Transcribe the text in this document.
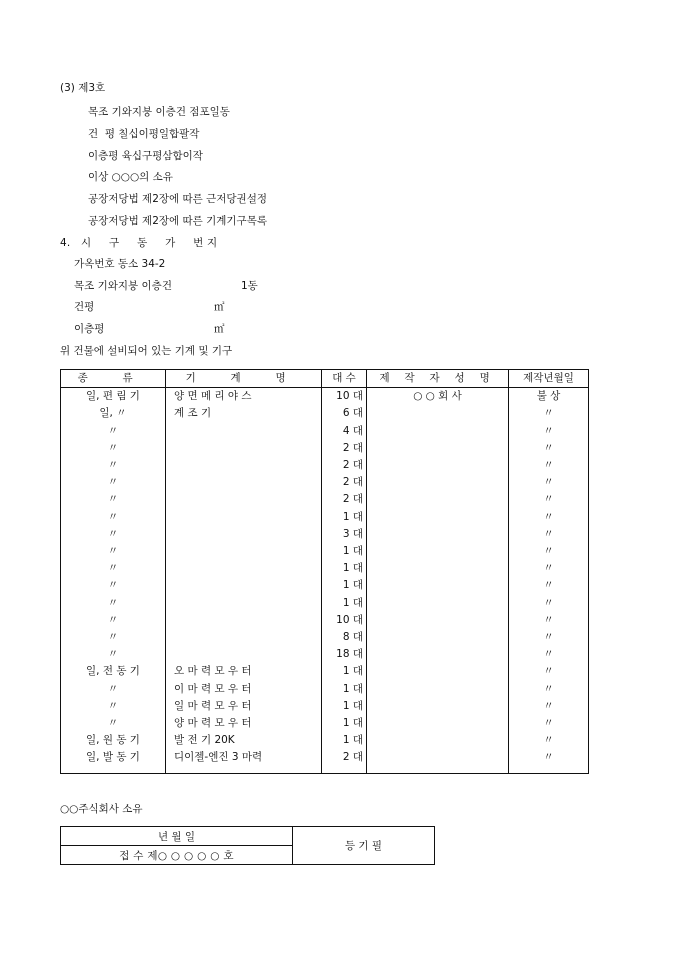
(3) 제3호
목조 기와지붕 이층건 점포일동
건  평 칠십이평일합팔작
이층평 육십구평삼합이작
이상 ○○○의 소유
공장저당법 제2장에 따른 근저당권설정
공장저당법 제2장에 따른 기계기구목록
4.   시     구     동     가     번 지
가옥번호 동소 34-2
목조 기와지붕 이층건	1동
건평	㎡
이층평	㎡
위 건물에 설비되어 있는 기계 및 기구
종 류	기 계 명	대 수	제 작 자 성 명	제작년월일
일, 편 림 기	양 면 메 리 야 스	10 대	○ ○ 회 사	불 상
일, 〃	계 조 기	6 대		〃
〃		4 대		〃
〃		2 대		〃
〃		2 대		〃
〃		2 대		〃
〃		2 대		〃
〃		1 대		〃
〃		3 대		〃
〃		1 대		〃
〃		1 대		〃
〃		1 대		〃
〃		1 대		〃
〃		10 대		〃
〃		8 대		〃
〃		18 대		〃
일, 전 동 기	오 마 력 모 우 터	1 대		〃
〃	이 마 력 모 우 터	1 대		〃
〃	일 마 력 모 우 터	1 대		〃
〃	양 마 력 모 우 터	1 대		〃
일, 원 동 기	발 전 기 20K	1 대		〃
일, 발 동 기	디이젤-엔진 3 마력	2 대		〃
○○주식회사 소유
년 월 일	등 기 필
접 수 제○ ○ ○ ○ ○ 호
